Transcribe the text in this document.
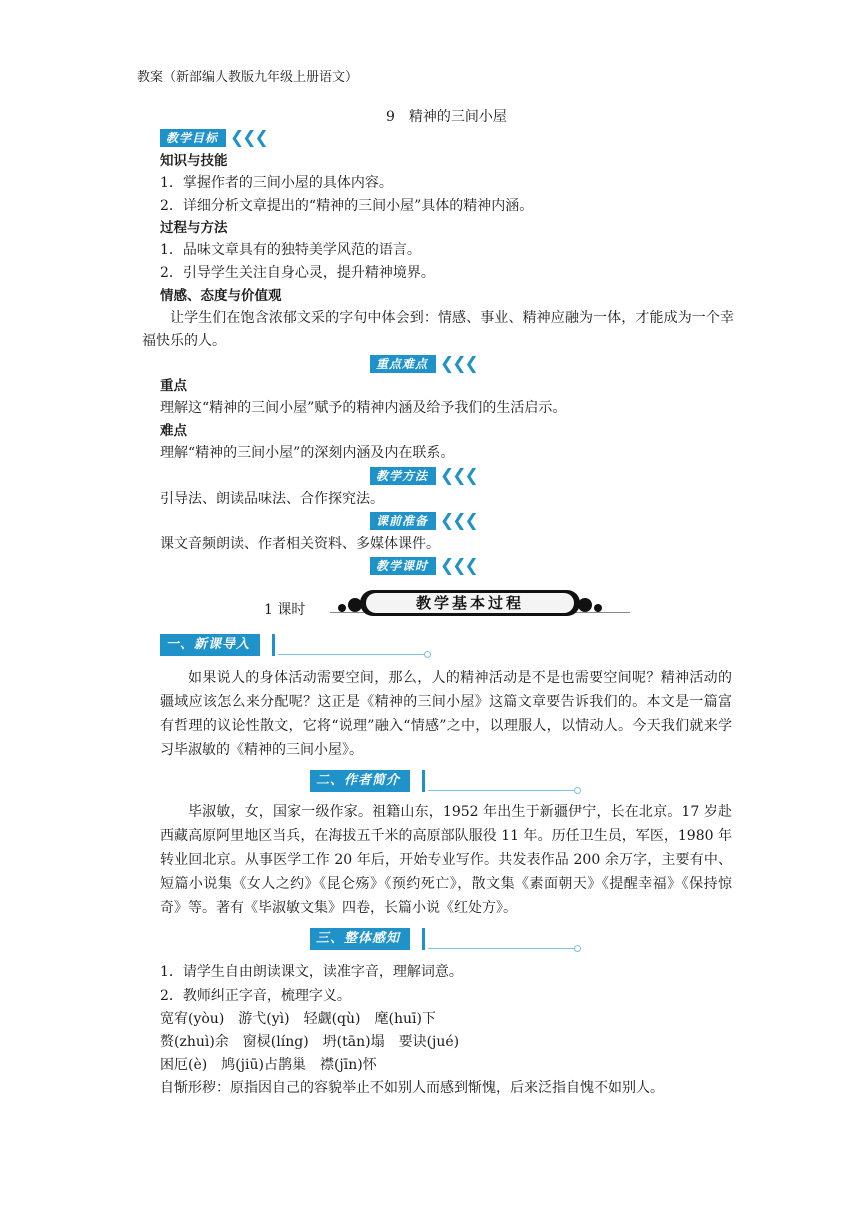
教案（新部编人教版九年级上册语文）
9　精神的三间小屋
教学目标 ❮❮❮
知识与技能
1．掌握作者的三间小屋的具体内容。
2．详细分析文章提出的“精神的三间小屋”具体的精神内涵。
过程与方法
1．品味文章具有的独特美学风范的语言。
2．引导学生关注自身心灵，提升精神境界。
情感、态度与价值观
让学生们在饱含浓郁文采的字句中体会到：情感、事业、精神应融为一体，才能成为一个幸福快乐的人。
重点难点 ❮❮❮
重点
理解这“精神的三间小屋”赋予的精神内涵及给予我们的生活启示。
难点
理解“精神的三间小屋”的深刻内涵及内在联系。
教学方法 ❮❮❮
引导法、朗读品味法、合作探究法。
课前准备 ❮❮❮
课文音频朗读、作者相关资料、多媒体课件。
教学课时 ❮❮❮
1 课时	教学基本过程
一、新课导入
如果说人的身体活动需要空间，那么，人的精神活动是不是也需要空间呢？精神活动的疆域应该怎么来分配呢？这正是《精神的三间小屋》这篇文章要告诉我们的。本文是一篇富有哲理的议论性散文，它将“说理”融入“情感”之中，以理服人，以情动人。今天我们就来学习毕淑敏的《精神的三间小屋》。
二、作者简介
毕淑敏，女，国家一级作家。祖籍山东，1952 年出生于新疆伊宁，长在北京。17 岁赴西藏高原阿里地区当兵，在海拔五千米的高原部队服役 11 年。历任卫生员，军医，1980 年转业回北京。从事医学工作 20 年后，开始专业写作。共发表作品 200 余万字，主要有中、短篇小说集《女人之约》《昆仑殇》《预约死亡》，散文集《素面朝天》《提醒幸福》《保持惊奇》等。著有《毕淑敏文集》四卷，长篇小说《红处方》。
三、整体感知
1．请学生自由朗读课文，读准字音，理解词意。
2．教师纠正字音，梳理字义。
宽宥(yòu)　游弋(yì)　轻觑(qù)　麾(huī)下
赘(zhuì)余　窗棂(líng)　坍(tān)塌　要诀(jué)
困厄(è)　鸠(jiū)占鹊巢　襟(jīn)怀
自惭形秽：原指因自己的容貌举止不如别人而感到惭愧，后来泛指自愧不如别人。
